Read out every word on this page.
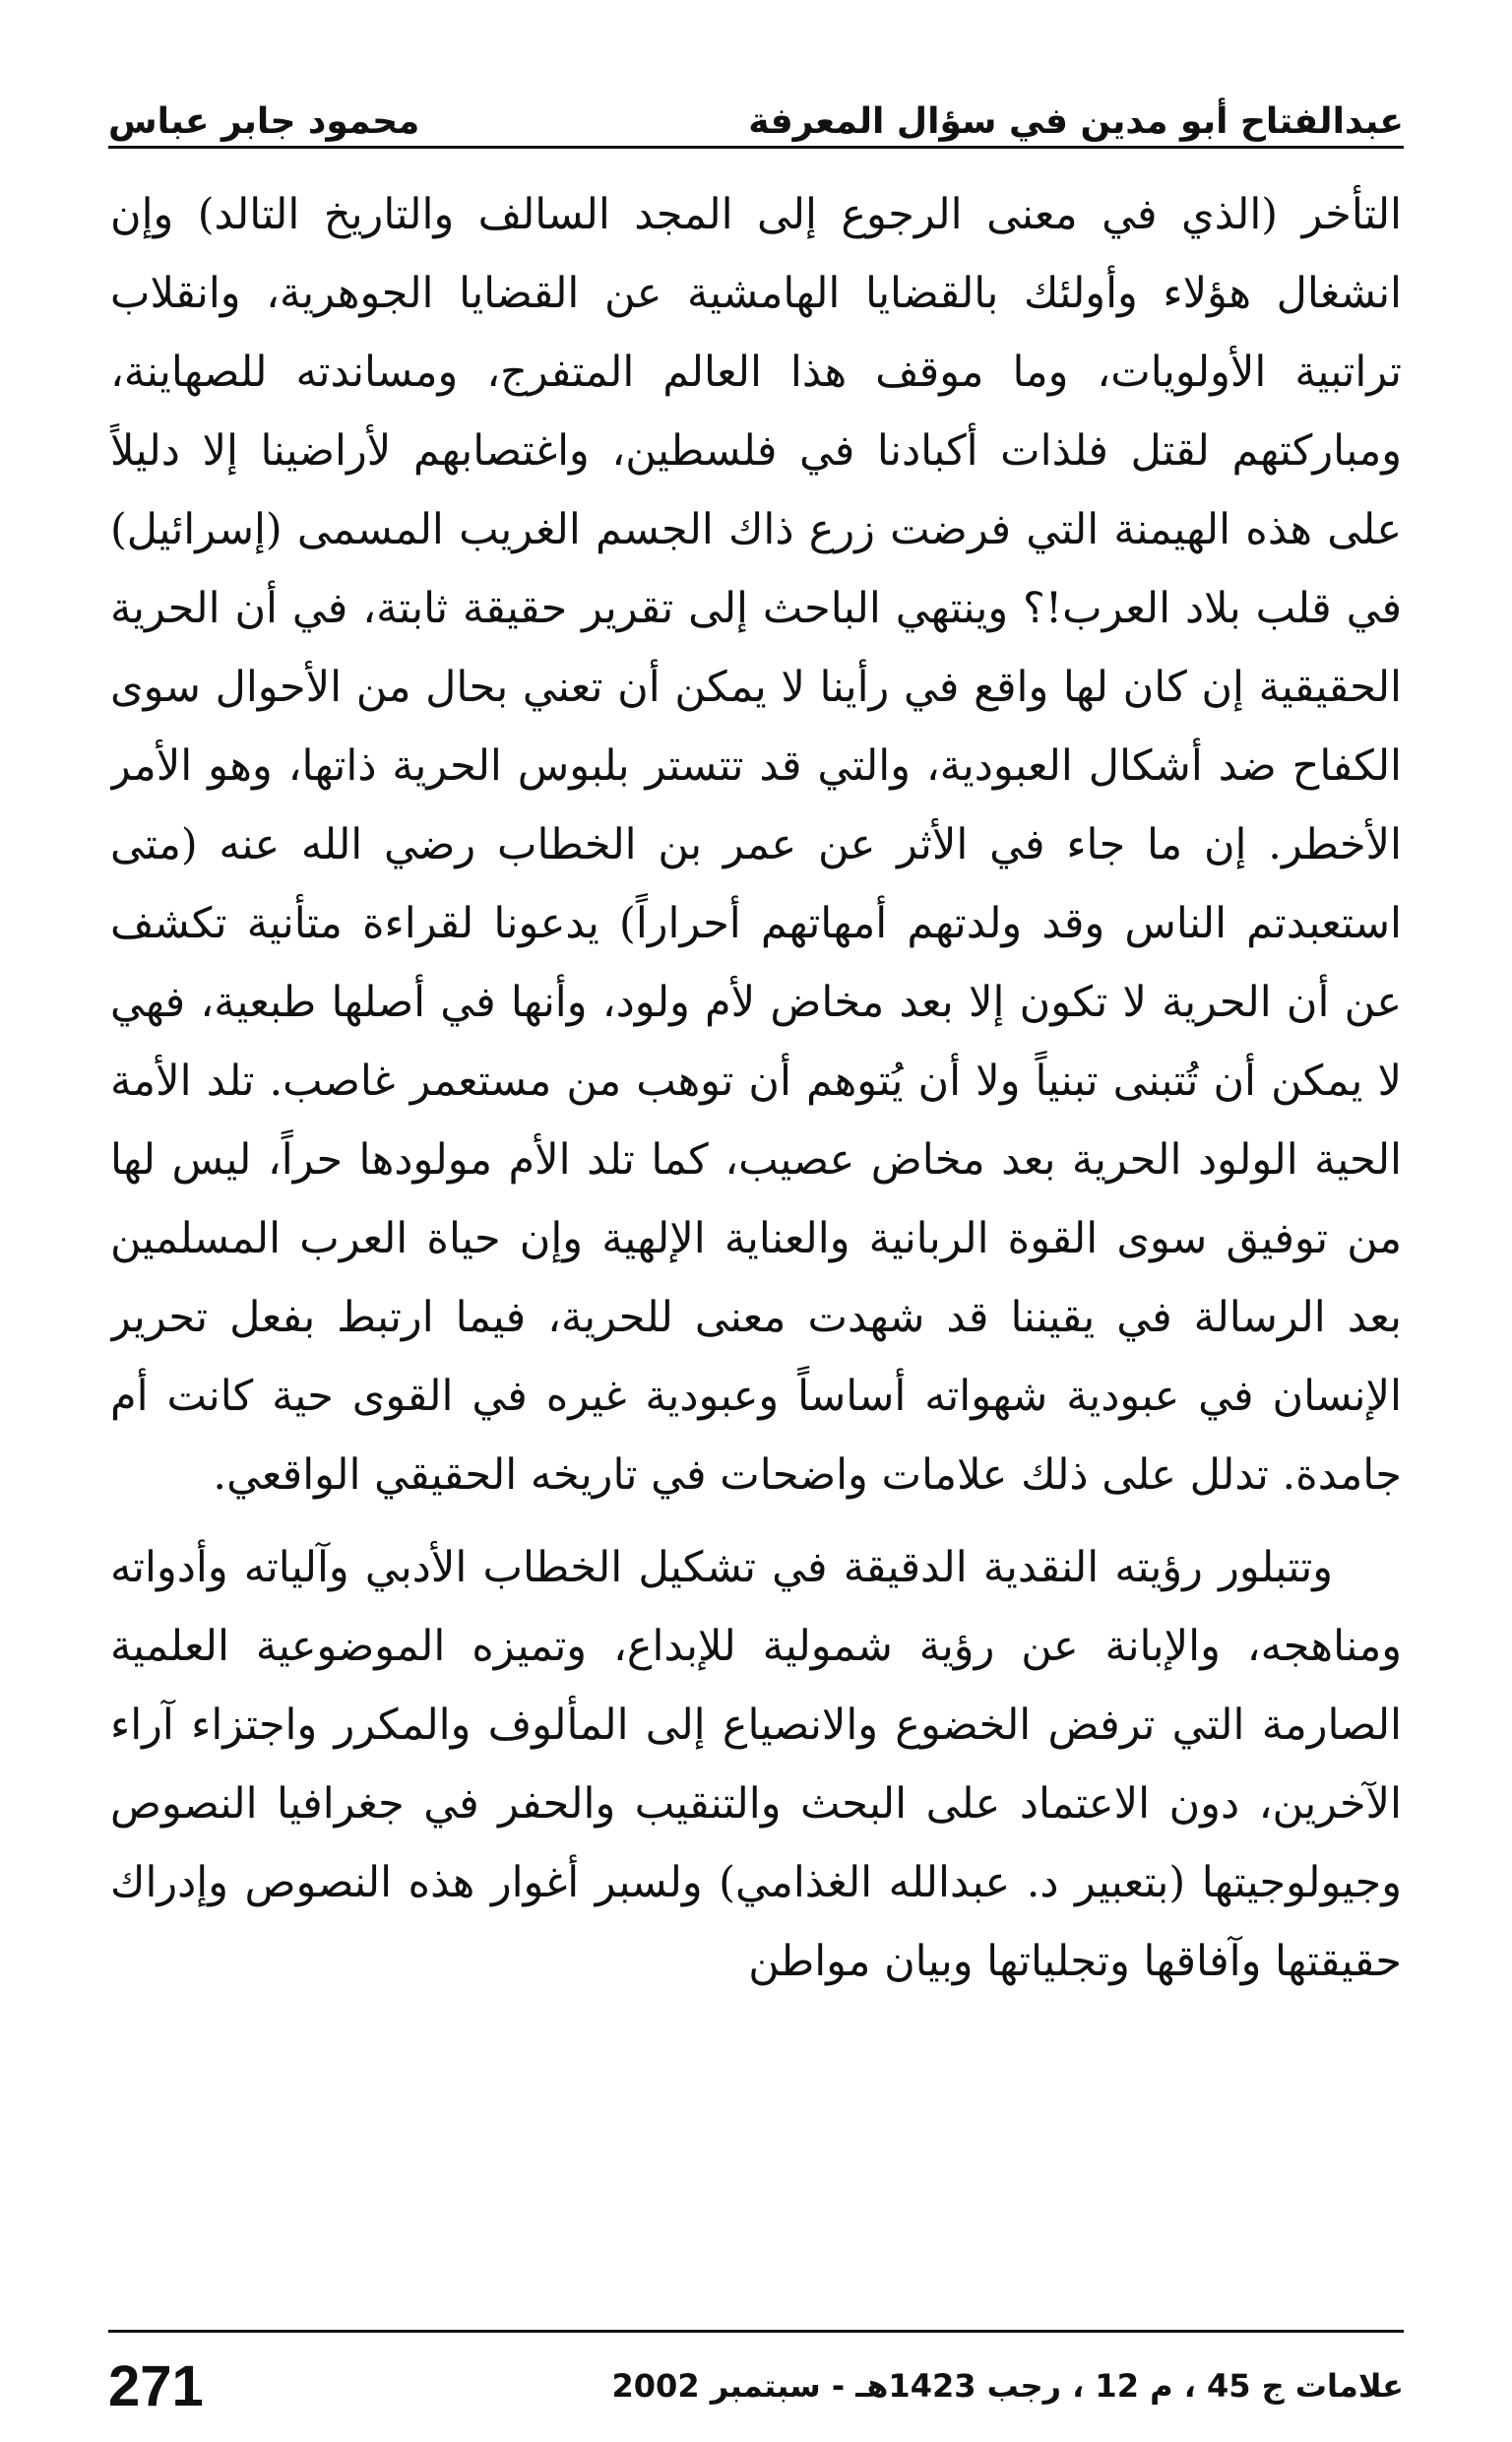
عبدالفتاح أبو مدين في سؤال المعرفة
محمود جابر عباس

التأخر (الذي في معنى الرجوع إلى المجد السالف والتاريخ التالد) وإن انشغال هؤلاء وأولئك بالقضايا الهامشية عن القضايا الجوهرية، وانقلاب تراتبية الأولويات، وما موقف هذا العالم المتفرج، ومساندته للصهاينة، ومباركتهم لقتل فلذات أكبادنا في فلسطين، واغتصابهم لأراضينا إلا دليلاً على هذه الهيمنة التي فرضت زرع ذاك الجسم الغريب المسمى (إسرائيل) في قلب بلاد العرب!؟ وينتهي الباحث إلى تقرير حقيقة ثابتة، في أن الحرية الحقيقية إن كان لها واقع في رأينا لا يمكن أن تعني بحال من الأحوال سوى الكفاح ضد أشكال العبودية، والتي قد تتستر بلبوس الحرية ذاتها، وهو الأمر الأخطر. إن ما جاء في الأثر عن عمر بن الخطاب رضي الله عنه (متى استعبدتم الناس وقد ولدتهم أمهاتهم أحراراً) يدعونا لقراءة متأنية تكشف عن أن الحرية لا تكون إلا بعد مخاض لأم ولود، وأنها في أصلها طبعية، فهي لا يمكن أن تُتبنى تبنياً ولا أن يُتوهم أن توهب من مستعمر غاصب. تلد الأمة الحية الولود الحرية بعد مخاض عصيب، كما تلد الأم مولودها حراً، ليس لها من توفيق سوى القوة الربانية والعناية الإلهية وإن حياة العرب المسلمين بعد الرسالة في يقيننا قد شهدت معنى للحرية، فيما ارتبط بفعل تحرير الإنسان في عبودية شهواته أساساً وعبودية غيره في القوى حية كانت أم جامدة. تدلل على ذلك علامات واضحات في تاريخه الحقيقي الواقعي.

وتتبلور رؤيته النقدية الدقيقة في تشكيل الخطاب الأدبي وآلياته وأدواته ومناهجه، والإبانة عن رؤية شمولية للإبداع، وتميزه الموضوعية العلمية الصارمة التي ترفض الخضوع والانصياع إلى المألوف والمكرر واجتزاء آراء الآخرين، دون الاعتماد على البحث والتنقيب والحفر في جغرافيا النصوص وجيولوجيتها (بتعبير د. عبدالله الغذامي) ولسبر أغوار هذه النصوص وإدراك حقيقتها وآفاقها وتجلياتها وبيان مواطن

علامات ج 45 ، م 12 ، رجب 1423هـ - سبتمبر 2002
271
